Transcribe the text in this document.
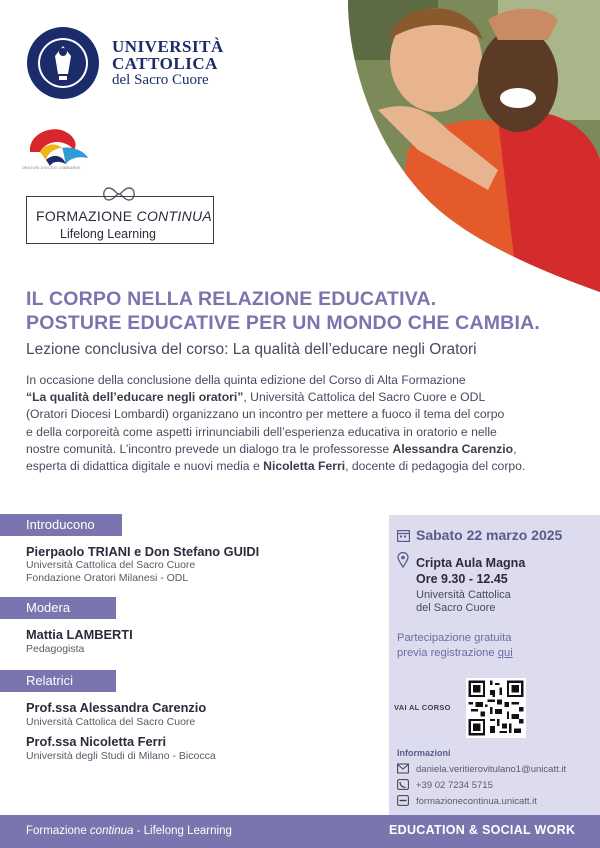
UNIVERSITÀ
CATTOLICA
del Sacro Cuore
ORATORI DIOCESI LOMBARDE
FORMAZIONE CONTINUA
Lifelong Learning
IL CORPO NELLA RELAZIONE EDUCATIVA.
POSTURE EDUCATIVE PER UN MONDO CHE CAMBIA.
Lezione conclusiva del corso: La qualità dell’educare negli Oratori
In occasione della conclusione della quinta edizione del Corso di Alta Formazione
“La qualità dell’educare negli oratori”, Università Cattolica del Sacro Cuore e ODL
(Oratori Diocesi Lombardi) organizzano un incontro per mettere a fuoco il tema del corpo
e della corporeità come aspetti irrinunciabili dell’esperienza educativa in oratorio e nelle
nostre comunità. L’incontro prevede un dialogo tra le professoresse Alessandra Carenzio,
esperta di didattica digitale e nuovi media e Nicoletta Ferri, docente di pedagogia del corpo.
Introducono
Pierpaolo TRIANI e Don Stefano GUIDI
Università Cattolica del Sacro Cuore
Fondazione Oratori Milanesi - ODL
Modera
Mattia LAMBERTI
Pedagogista
Relatrici
Prof.ssa Alessandra Carenzio
Università Cattolica del Sacro Cuore
Prof.ssa Nicoletta Ferri
Università degli Studi di Milano - Bicocca
Sabato 22 marzo 2025
Cripta Aula Magna
Ore 9.30 - 12.45
Università Cattolica
del Sacro Cuore
Partecipazione gratuita
previa registrazione qui
VAI AL CORSO
Informazioni
daniela.veritierovitulano1@unicatt.it
+39 02 7234 5715
formazionecontinua.unicatt.it
Formazione continua - Lifelong Learning	EDUCATION & SOCIAL WORK
